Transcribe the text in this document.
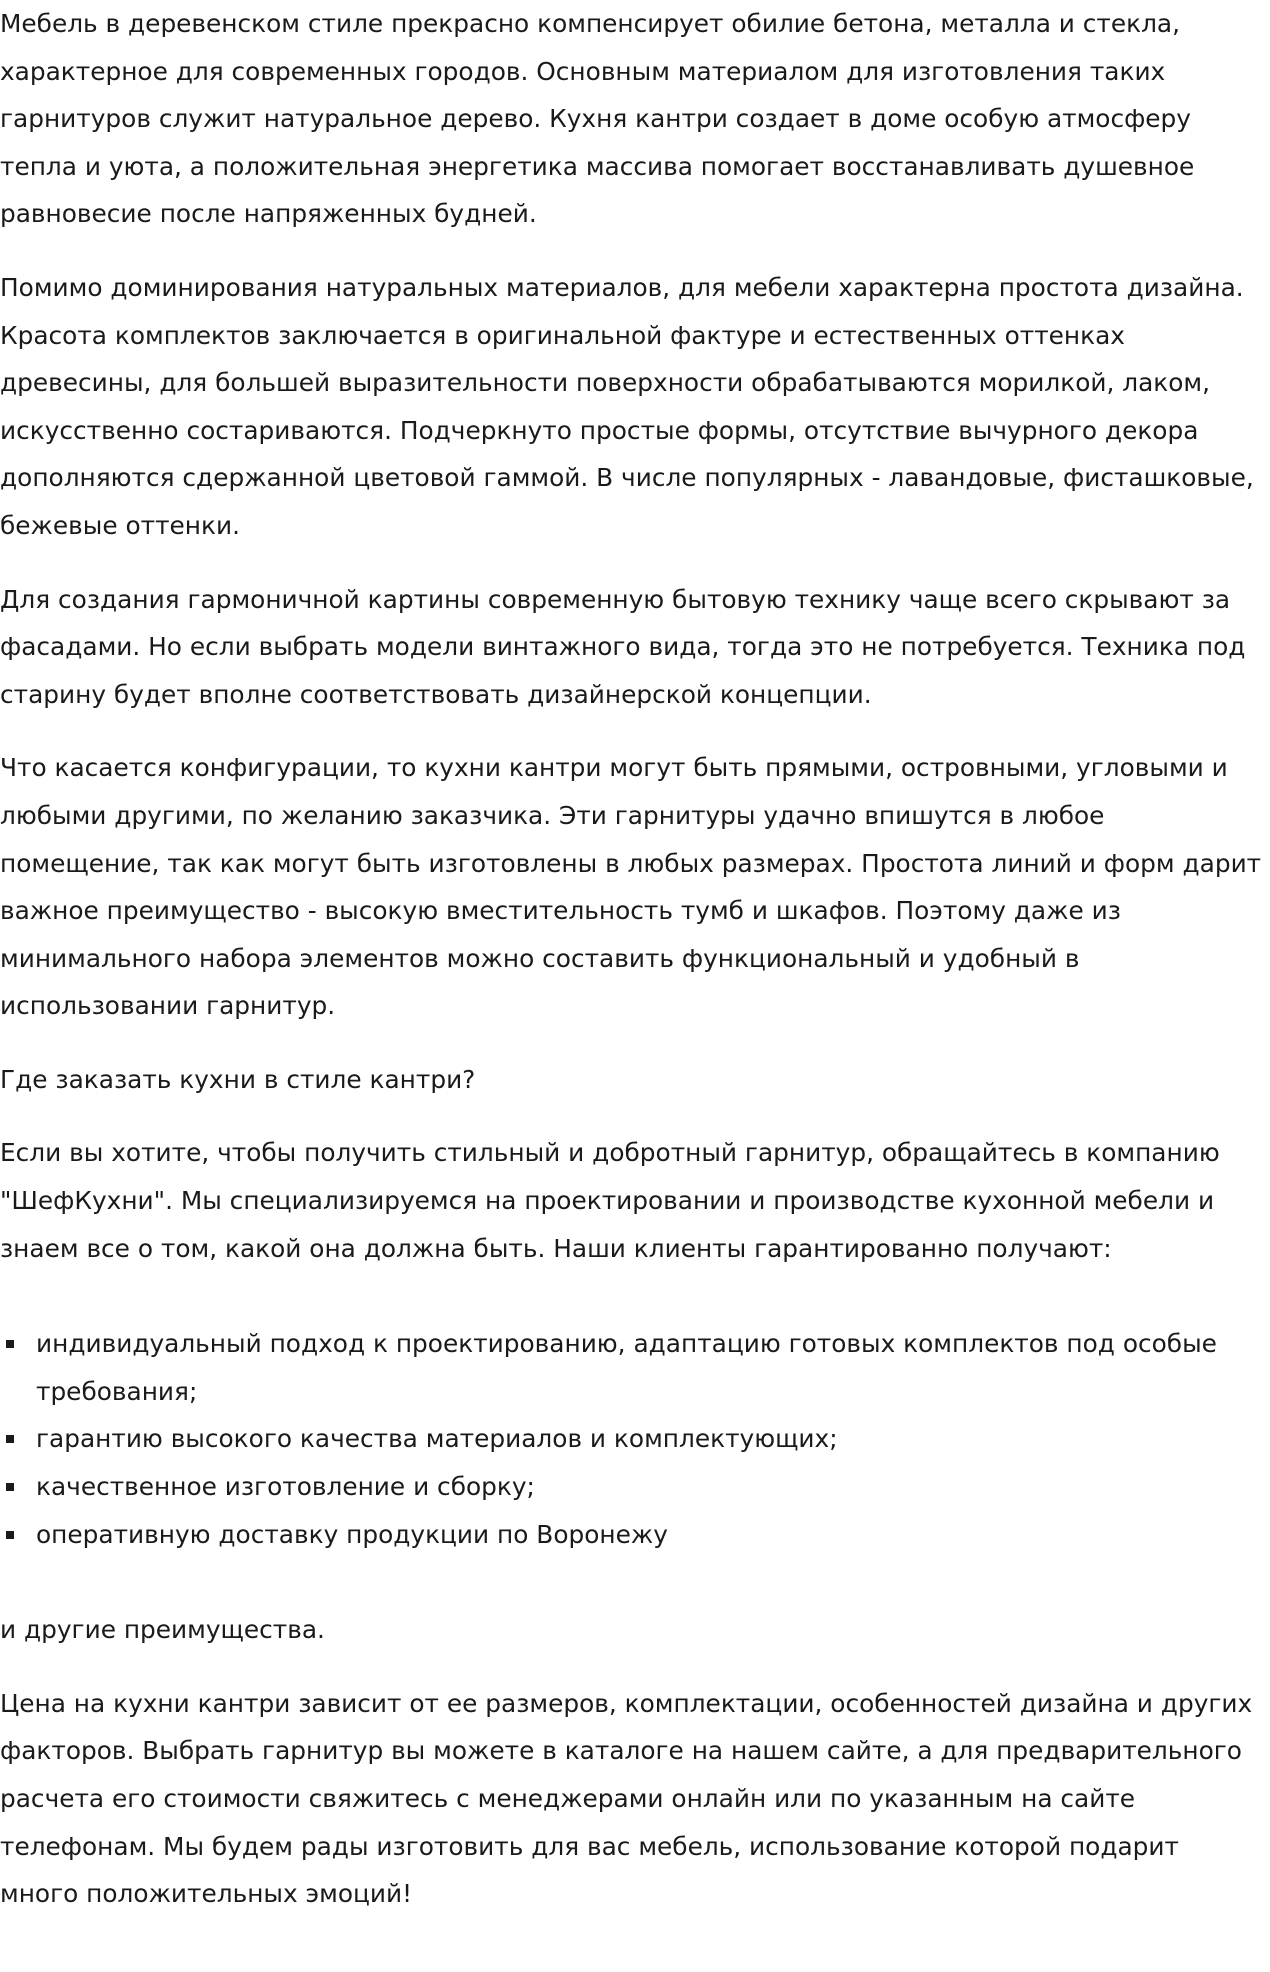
Мебель в деревенском стиле прекрасно компенсирует обилие бетона, металла и стекла, характерное для современных городов. Основным материалом для изготовления таких гарнитуров служит натуральное дерево. Кухня кантри создает в доме особую атмосферу тепла и уюта, а положительная энергетика массива помогает восстанавливать душевное равновесие после напряженных будней.

Помимо доминирования натуральных материалов, для мебели характерна простота дизайна. Красота комплектов заключается в оригинальной фактуре и естественных оттенках древесины, для большей выразительности поверхности обрабатываются морилкой, лаком, искусственно состариваются. Подчеркнуто простые формы, отсутствие вычурного декора дополняются сдержанной цветовой гаммой. В числе популярных - лавандовые, фисташковые, бежевые оттенки.

Для создания гармоничной картины современную бытовую технику чаще всего скрывают за фасадами. Но если выбрать модели винтажного вида, тогда это не потребуется. Техника под старину будет вполне соответствовать дизайнерской концепции.

Что касается конфигурации, то кухни кантри могут быть прямыми, островными, угловыми и любыми другими, по желанию заказчика. Эти гарнитуры удачно впишутся в любое помещение, так как могут быть изготовлены в любых размерах. Простота линий и форм дарит важное преимущество - высокую вместительность тумб и шкафов. Поэтому даже из минимального набора элементов можно составить функциональный и удобный в использовании гарнитур.

Где заказать кухни в стиле кантри?

Если вы хотите, чтобы получить стильный и добротный гарнитур, обращайтесь в компанию "ШефКухни". Мы специализируемся на проектировании и производстве кухонной мебели и знаем все о том, какой она должна быть. Наши клиенты гарантированно получают:

индивидуальный подход к проектированию, адаптацию готовых комплектов под особые требования;
гарантию высокого качества материалов и комплектующих;
качественное изготовление и сборку;
оперативную доставку продукции по Воронежу

и другие преимущества.

Цена на кухни кантри зависит от ее размеров, комплектации, особенностей дизайна и других факторов. Выбрать гарнитур вы можете в каталоге на нашем сайте, а для предварительного расчета его стоимости свяжитесь с менеджерами онлайн или по указанным на сайте телефонам. Мы будем рады изготовить для вас мебель, использование которой подарит много положительных эмоций!
